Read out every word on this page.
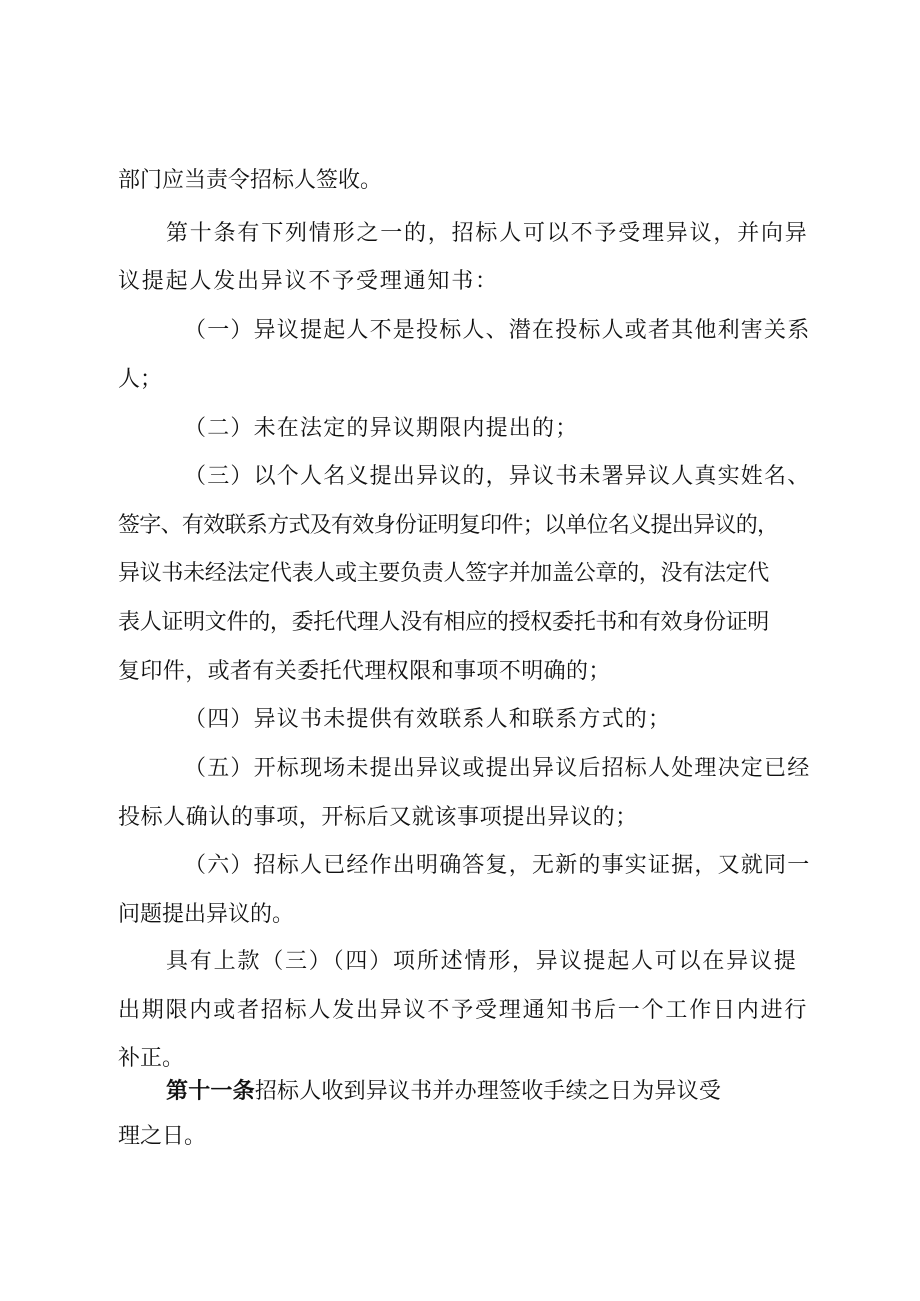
部门应当责令招标人签收。

第十条有下列情形之一的，招标人可以不予受理异议，并向异

议提起人发出异议不予受理通知书：

（一）异议提起人不是投标人、潜在投标人或者其他利害关系

人；

（二）未在法定的异议期限内提出的；

（三）以个人名义提出异议的，异议书未署异议人真实姓名、

签字、有效联系方式及有效身份证明复印件；以单位名义提出异议的，

异议书未经法定代表人或主要负责人签字并加盖公章的，没有法定代

表人证明文件的，委托代理人没有相应的授权委托书和有效身份证明

复印件，或者有关委托代理权限和事项不明确的；

（四）异议书未提供有效联系人和联系方式的；

（五）开标现场未提出异议或提出异议后招标人处理决定已经

投标人确认的事项，开标后又就该事项提出异议的；

（六）招标人已经作出明确答复，无新的事实证据，又就同一

问题提出异议的。

具有上款（三）（四）项所述情形，异议提起人可以在异议提

出期限内或者招标人发出异议不予受理通知书后一个工作日内进行

补正。

第十一条招标人收到异议书并办理签收手续之日为异议受

理之日。
